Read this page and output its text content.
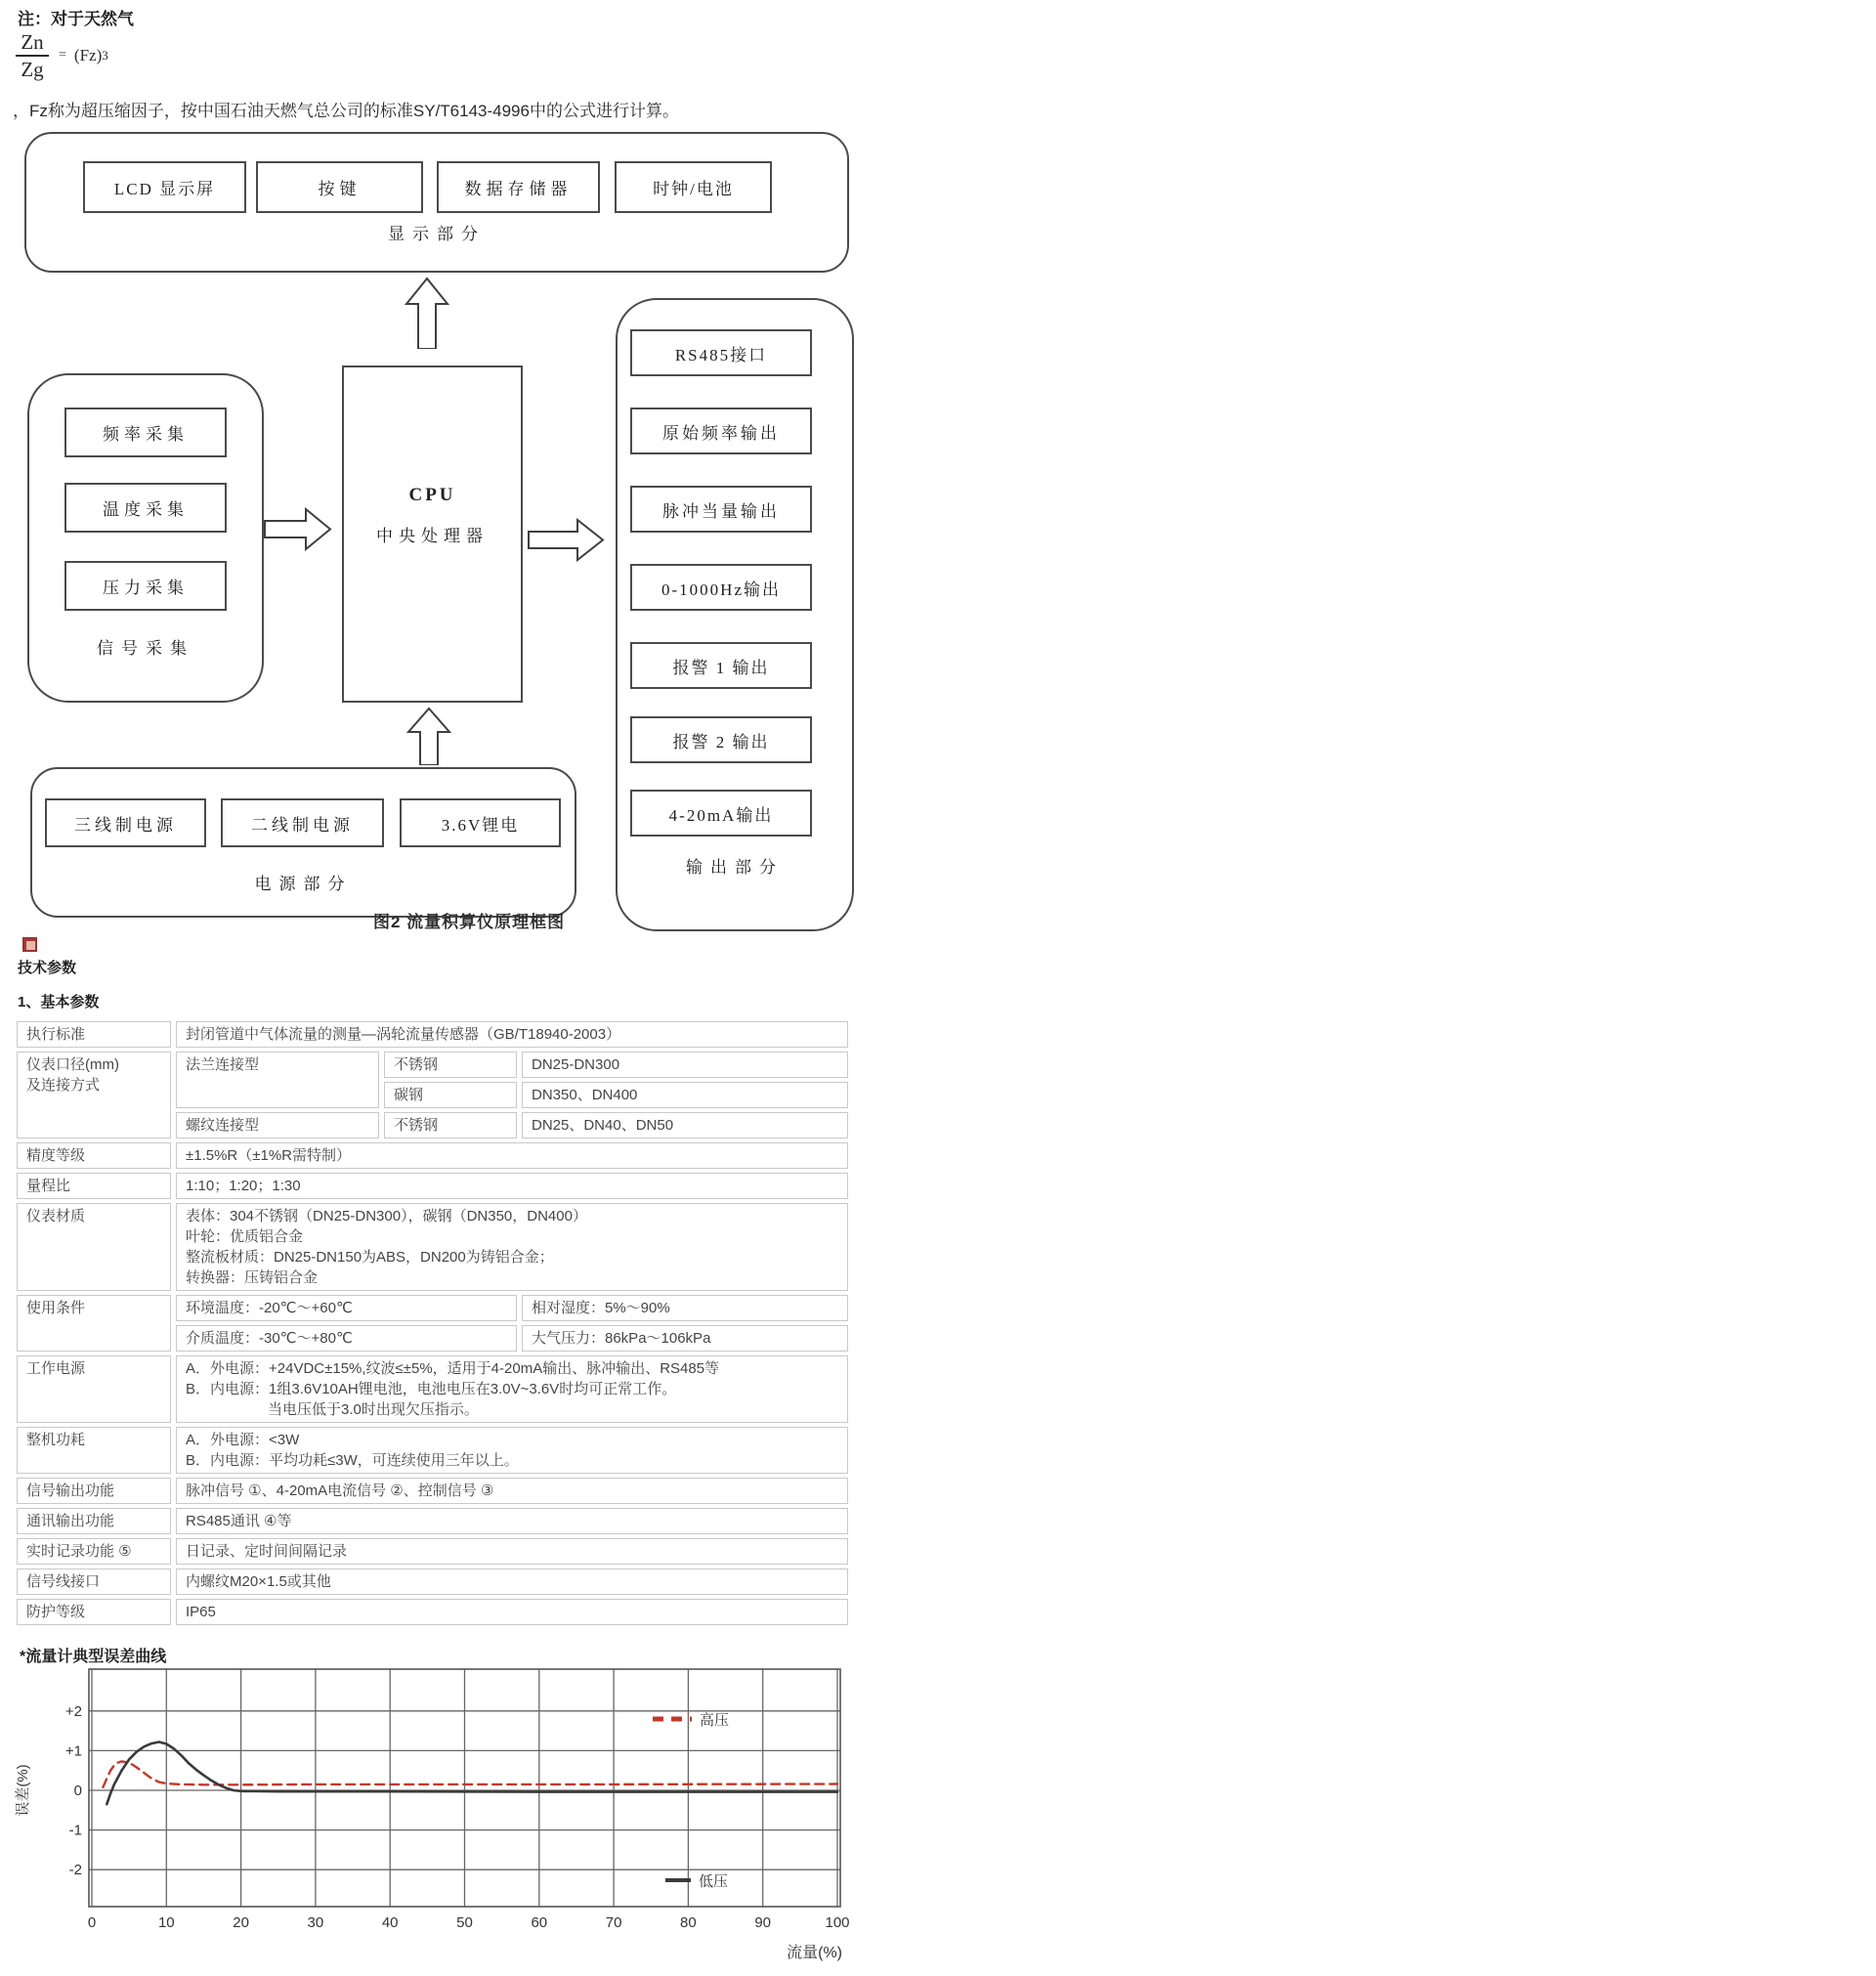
注：对于天然气
$\frac{Zn}{Zg} = (Fz)$ 3
，Fz称为超压缩因子，按中国石油天燃气总公司的标准SY/T6143-4996中的公式进行计算。
LCD 显示屏	按键	数据存储器	时钟/电池
显示部分
频率采集
温度采集
压力采集
信号采集
CPU
中央处理器
RS485接口
原始频率输出
脉冲当量输出
0-1000Hz输出
报警 1 输出
报警 2 输出
4-20mA输出
输出部分
三线制电源	二线制电源	3.6V锂电
电源部分
图2 流量积算仪原理框图
技术参数
1、基本参数
执行标准	封闭管道中气体流量的测量—涡轮流量传感器（GB/T18940-2003）		

仪表口径(mm)
及连接方式	法兰连接型	不锈钢	DN25-DN300
		碳钢	DN350、DN400
	螺纹连接型	不锈钢	DN25、DN40、DN50
精度等级	±1.5%R（±1%R需特制）		
量程比	1:10；1:20；1:30		
仪表材质	表体：304不锈钢（DN25-DN300），碳钢（DN350，DN400）
叶轮：优质铝合金
整流板材质：DN25-DN150为ABS，DN200为铸铝合金；
转换器：压铸铝合金		

使用条件	环境温度：-20℃～+60℃		相对湿度：5%～90%
	介质温度：-30℃～+80℃		大气压力：86kPa～106kPa
工作电源	A．外电源：+24VDC±15%,纹波≤±5%，适用于4-20mA输出、脉冲输出、RS485等
B．内电源：1组3.6V10AH锂电池，电池电压在3.0V~3.6V时均可正常工作。
当电压低于3.0时出现欠压指示。		

整机功耗	A．外电源：<3W
B．内电源：平均功耗≤3W，可连续使用三年以上。		

信号输出功能	脉冲信号 ①、4-20mA电流信号 ②、控制信号 ③		
通讯输出功能	RS485通讯 ④等		
实时记录功能 ⑤	日记录、定时间间隔记录		
信号线接口	内螺纹M20×1.5或其他		
防护等级	IP65		
*流量计典型误差曲线
0	10	20	30	40	50	60	70	80	90	100
+2
+1
0
-1
-2
误差(%)
流量(%)
高压
低压
